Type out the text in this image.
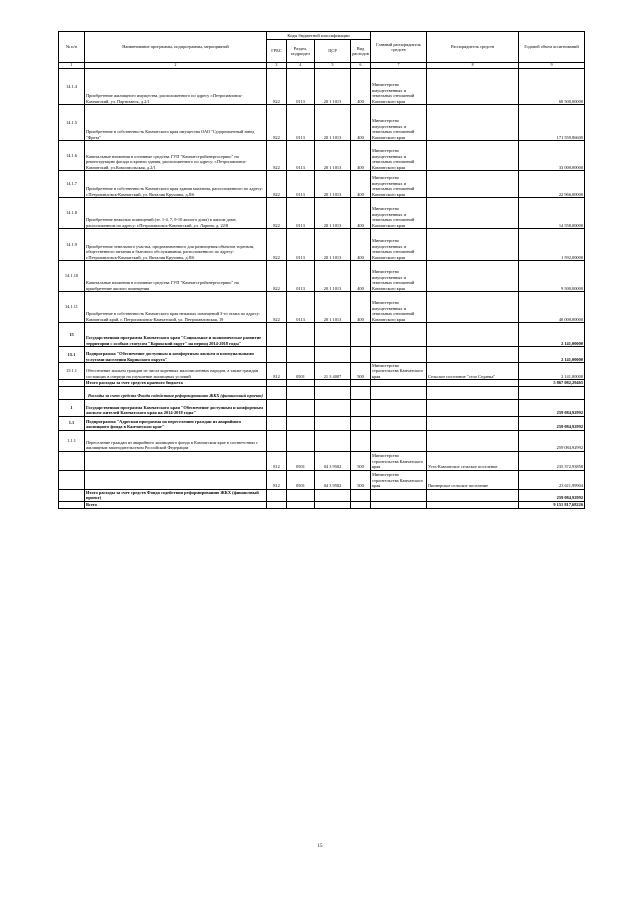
№ п/п	Наименование программы, подпрограммы, мероприятий	Коды бюджетной классификации				Главный распорядитель средств	Распорядитель средств	Годовой объем ассигнований
		ГРБС	Раздел, подраздел	ЦСР	Вид расходов			
1	2	3	4	5	6	7	8	9
14.1.4	Приобретение жилищного имущества, расположенного по адресу г.Петропавловск-Камчатский, ул. Партизанск, д.2/1	822	0113	20 1 1013	400	Министерство имущественных и земельных отношений Камчатского края		60 500,00000
14.1.5	Приобретение в собственность Камчатского края имущества ОАО "Судоремонтный завод "Фреза"	822	0113	20 1 1013	400	Министерство имущественных и земельных отношений Камчатского края		171 559,86600
14.1.6	Капитальные вложения в основные средства ГУП "Камчатстройэнергосервис" на реконструкцию фасада и кровли здания, расположенного по адресу: г.Петропавловск-Камчатский, ул.Комсомольская, д.2/1	822	0113	20 1 1013	400	Министерство имущественных и земельных отношений Камчатского края		33 000,00000
14.1.7	Приобретение в собственность Камчатского края здания магазина, расположенного по адресу: г.Петропавловск-Камчатский, ул. Виталия Кручины, д.8/6	822	0113	20 1 1013	400	Министерство имущественных и земельных отношений Камчатского края		22 966,00000
14.1.8	Приобретение нежилых помещений (эт. 1-4, 7, 9-10 жилого дома) в жилом доме, расположенном по адресу: г.Петропавловск-Камчатский, ул. Ларина, д. 22/8	822	0113	20 1 1013	400	Министерство имущественных и земельных отношений Камчатского края		14 558,00000
14.1.9	Приобретение земельного участка, предназначенного для размещения объектов торговли, общественного питания и бытового обслуживания, расположенного по адресу: г.Петропавловск-Камчатский, ул. Виталия Кручины, д.8/6	822	0113	20 1 1013	400	Министерство имущественных и земельных отношений Камчатского края		1 592,00000
14.1.10	Капитальные вложения в основные средства ГУП "Камчатстройэнергосервис" на приобретение жилого помещения	822	0113	20 1 1013	400	Министерство имущественных и земельных отношений Камчатского края		9 500,00000
14.1.11	Приобретение в собственность Камчатского края нежилых помещений 3-го этажа по адресу: Камчатский край, г. Петропавловск-Камчатский, ул. Петропавловская, 19	822	0113	20 1 1013	400	Министерство имущественных и земельных отношений Камчатского края		40 000,00000
15	Государственная программа Камчатского края "Социальное и экономическое развитие территории с особым статусом "Корякский округ" на период 2014-2018 годы"							2 141,00000
15.1	Подпрограмма "Обеспечение доступным и комфортным жильем и коммунальными услугами населения Корякского округа"							2 141,00000
15.1.1	Обеспечение жильем граждан из числа коренных малочисленных народов, а также граждан состоящих в очереди на улучшение жилищных условий	812	0501	21 3 4007	500	Министерство строительства Камчатского края	Сельское поселение "село Седанка"	2 141,00000
	Итого расходы за счет средств краевого бюджета							5 867 082,29465
	Расходы за счет средств Фонда содействия реформированию ЖКХ (финансовый проект)							
1	Государственная программа Камчатского края "Обеспечение доступным и комфортным жильем жителей Камчатского края на 2014-2018 годы"							259 084,92992
1.1	Подпрограмма "Адресная программа по переселению граждан из аварийного жилищного фонда в Камчатском крае"							259 084,92992
1.1.1	Переселение граждан из аварийного жилищного фонда в Камчатском крае в соответствии с жилищным законодательством Российской Федерации							259 084,92992
		812	0501	04 3 9502	500	Министерство строительства Камчатского края	Усть-Камчатское сельское поселение	235 372,93858
		812	0501	04 3 9502	500	Министерство строительства Камчатского края	Пионерское сельское поселение	23 611,99904
	Итого расходы за счет средств Фонда содействия реформированию ЖКХ (финансовый проект)							259 084,92992
	Всего							9 151 817,68226
15
